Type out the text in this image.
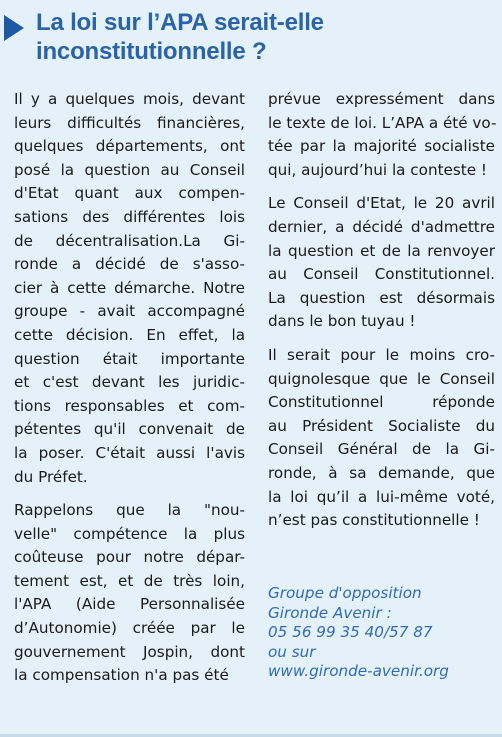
La loi sur l’APA serait-elle
inconstitutionnelle ?

Il y a quelques mois, devant
leurs difficultés financières,
quelques départements, ont
posé la question au Conseil
d'Etat quant aux compen-
sations des différentes lois
de décentralisation.La Gi-
ronde a décidé de s'asso-
cier à cette démarche. Notre
groupe - avait accompagné
cette décision. En effet, la
question était importante
et c'est devant les juridic-
tions responsables et com-
pétentes qu'il convenait de
la poser. C'était aussi l'avis
du Préfet.

Rappelons que la "nou-
velle" compétence la plus
coûteuse pour notre dépar-
tement est, et de très loin,
l'APA (Aide Personnalisée
d’Autonomie) créée par le
gouvernement Jospin, dont
la compensation n'a pas été

prévue expressément dans
le texte de loi. L’APA a été vo-
tée par la majorité socialiste
qui, aujourd’hui la conteste !

Le Conseil d'Etat, le 20 avril
dernier, a décidé d'admettre
la question et de la renvoyer
au Conseil Constitutionnel.
La question est désormais
dans le bon tuyau !

Il serait pour le moins cro-
quignolesque que le Conseil
Constitutionnel réponde
au Président Socialiste du
Conseil Général de la Gi-
ronde, à sa demande, que
la loi qu’il a lui-même voté,
n’est pas constitutionnelle !

Groupe d'opposition
Gironde Avenir :
05 56 99 35 40/57 87
ou sur
www.gironde-avenir.org
